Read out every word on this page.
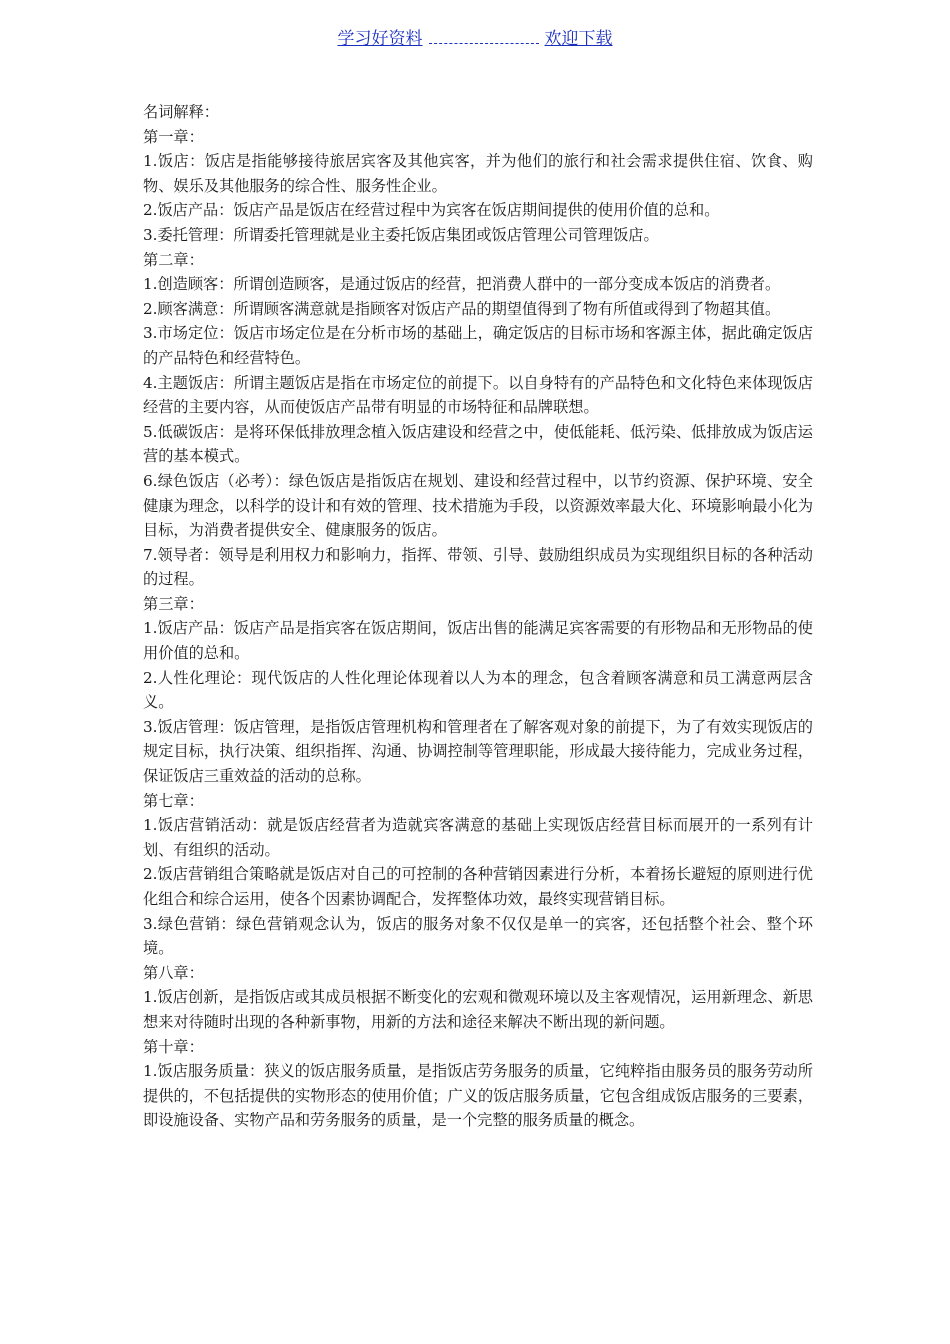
学习好资料	欢迎下载

名词解释：

第一章：

1.饭店：饭店是指能够接待旅居宾客及其他宾客，并为他们的旅行和社会需求提供住宿、饮食、购物、娱乐及其他服务的综合性、服务性企业。

2.饭店产品：饭店产品是饭店在经营过程中为宾客在饭店期间提供的使用价值的总和。

3.委托管理：所谓委托管理就是业主委托饭店集团或饭店管理公司管理饭店。

第二章：

1.创造顾客：所谓创造顾客，是通过饭店的经营，把消费人群中的一部分变成本饭店的消费者。

2.顾客满意：所谓顾客满意就是指顾客对饭店产品的期望值得到了物有所值或得到了物超其值。

3.市场定位：饭店市场定位是在分析市场的基础上，确定饭店的目标市场和客源主体，据此确定饭店的产品特色和经营特色。

4.主题饭店：所谓主题饭店是指在市场定位的前提下。以自身特有的产品特色和文化特色来体现饭店经营的主要内容，从而使饭店产品带有明显的市场特征和品牌联想。

5.低碳饭店：是将环保低排放理念植入饭店建设和经营之中，使低能耗、低污染、低排放成为饭店运营的基本模式。

6.绿色饭店（必考）：绿色饭店是指饭店在规划、建设和经营过程中，以节约资源、保护环境、安全健康为理念，以科学的设计和有效的管理、技术措施为手段，以资源效率最大化、环境影响最小化为目标，为消费者提供安全、健康服务的饭店。

7.领导者：领导是利用权力和影响力，指挥、带领、引导、鼓励组织成员为实现组织目标的各种活动的过程。

第三章：

1.饭店产品：饭店产品是指宾客在饭店期间，饭店出售的能满足宾客需要的有形物品和无形物品的使用价值的总和。

2.人性化理论：现代饭店的人性化理论体现着以人为本的理念，包含着顾客满意和员工满意两层含义。

3.饭店管理：饭店管理，是指饭店管理机构和管理者在了解客观对象的前提下，为了有效实现饭店的规定目标，执行决策、组织指挥、沟通、协调控制等管理职能，形成最大接待能力，完成业务过程，保证饭店三重效益的活动的总称。

第七章：

1.饭店营销活动：就是饭店经营者为造就宾客满意的基础上实现饭店经营目标而展开的一系列有计划、有组织的活动。

2.饭店营销组合策略就是饭店对自己的可控制的各种营销因素进行分析，本着扬长避短的原则进行优化组合和综合运用，使各个因素协调配合，发挥整体功效，最终实现营销目标。

3.绿色营销：绿色营销观念认为，饭店的服务对象不仅仅是单一的宾客，还包括整个社会、整个环境。

第八章：

1.饭店创新，是指饭店或其成员根据不断变化的宏观和微观环境以及主客观情况，运用新理念、新思想来对待随时出现的各种新事物，用新的方法和途径来解决不断出现的新问题。

第十章：

1.饭店服务质量：狭义的饭店服务质量，是指饭店劳务服务的质量，它纯粹指由服务员的服务劳动所提供的，不包括提供的实物形态的使用价值；广义的饭店服务质量，它包含组成饭店服务的三要素，即设施设备、实物产品和劳务服务的质量，是一个完整的服务质量的概念。
